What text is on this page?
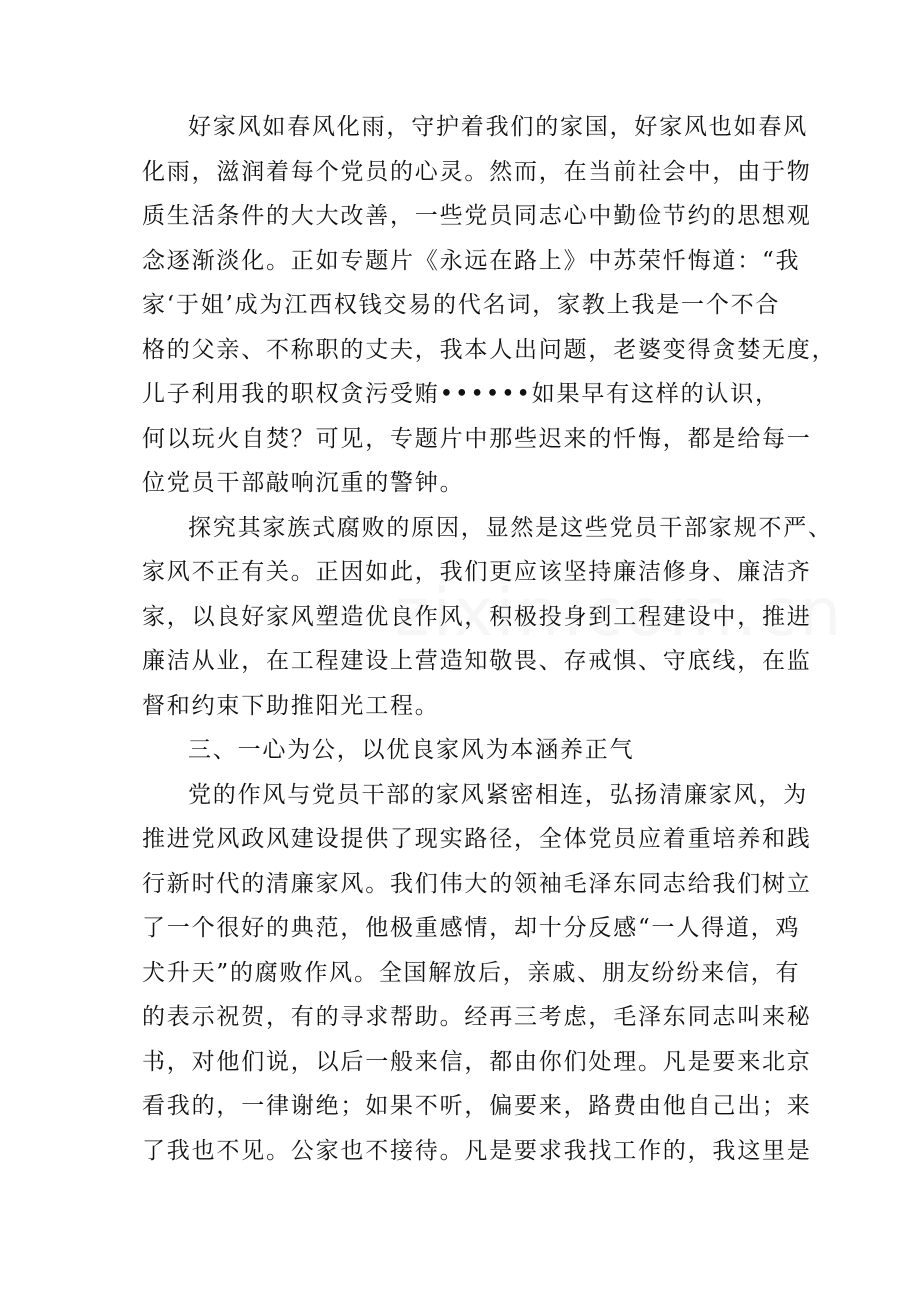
好家风如春风化雨，守护着我们的家国，好家风也如春风
化雨，滋润着每个党员的心灵。然而，在当前社会中，由于物
质生活条件的大大改善，一些党员同志心中勤俭节约的思想观
念逐渐淡化。正如专题片《永远在路上》中苏荣忏悔道：“我
家‘于姐’成为江西权钱交易的代名词，家教上我是一个不合
格的父亲、不称职的丈夫，我本人出问题，老婆变得贪婪无度，
儿子利用我的职权贪污受贿••••••如果早有这样的认识，
何以玩火自焚？可见，专题片中那些迟来的忏悔，都是给每一
位党员干部敲响沉重的警钟。
探究其家族式腐败的原因，显然是这些党员干部家规不严、
家风不正有关。正因如此，我们更应该坚持廉洁修身、廉洁齐
家，以良好家风塑造优良作风，积极投身到工程建设中，推进
廉洁从业，在工程建设上营造知敬畏、存戒惧、守底线，在监
督和约束下助推阳光工程。
三、一心为公，以优良家风为本涵养正气
党的作风与党员干部的家风紧密相连，弘扬清廉家风，为
推进党风政风建设提供了现实路径，全体党员应着重培养和践
行新时代的清廉家风。我们伟大的领袖毛泽东同志给我们树立
了一个很好的典范，他极重感情，却十分反感“一人得道，鸡
犬升天”的腐败作风。全国解放后，亲戚、朋友纷纷来信，有
的表示祝贺，有的寻求帮助。经再三考虑，毛泽东同志叫来秘
书，对他们说，以后一般来信，都由你们处理。凡是要来北京
看我的，一律谢绝；如果不听，偏要来，路费由他自己出；来
了我也不见。公家也不接待。凡是要求我找工作的，我这里是
